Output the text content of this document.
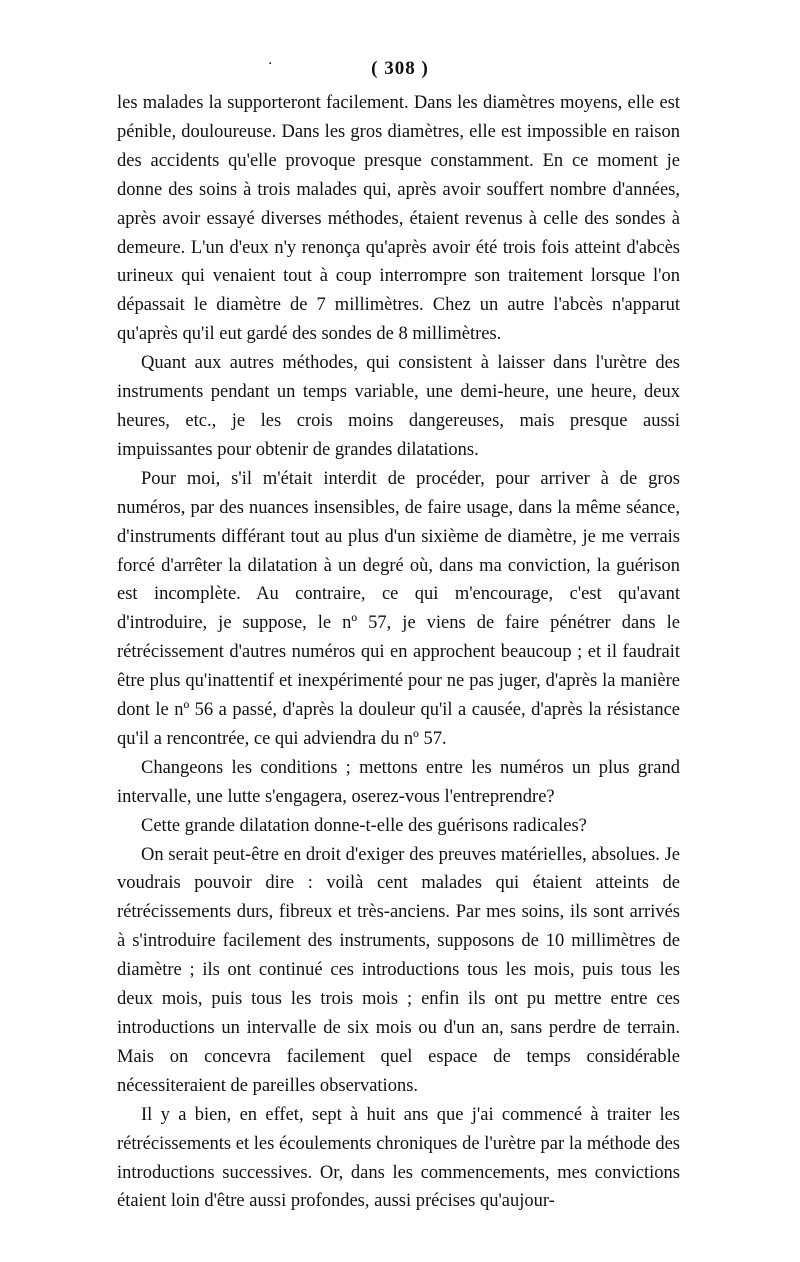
·	( 308 )

les malades la supporteront facilement. Dans les diamètres moyens, elle est pénible, douloureuse. Dans les gros diamètres, elle est impossible en raison des accidents qu'elle provoque presque constamment. En ce moment je donne des soins à trois malades qui, après avoir souffert nombre d'années, après avoir essayé diverses méthodes, étaient revenus à celle des sondes à demeure. L'un d'eux n'y renonça qu'après avoir été trois fois atteint d'abcès urineux qui venaient tout à coup interrompre son traitement lorsque l'on dépassait le diamètre de 7 millimètres. Chez un autre l'abcès n'apparut qu'après qu'il eut gardé des sondes de 8 millimètres.

Quant aux autres méthodes, qui consistent à laisser dans l'urètre des instruments pendant un temps variable, une demi-heure, une heure, deux heures, etc., je les crois moins dangereuses, mais presque aussi impuissantes pour obtenir de grandes dilatations.

Pour moi, s'il m'était interdit de procéder, pour arriver à de gros numéros, par des nuances insensibles, de faire usage, dans la même séance, d'instruments différant tout au plus d'un sixième de diamètre, je me verrais forcé d'arrêter la dilatation à un degré où, dans ma conviction, la guérison est incomplète. Au contraire, ce qui m'encourage, c'est qu'avant d'introduire, je suppose, le nº 57, je viens de faire pénétrer dans le rétrécissement d'autres numéros qui en approchent beaucoup ; et il faudrait être plus qu'inattentif et inexpérimenté pour ne pas juger, d'après la manière dont le nº 56 a passé, d'après la douleur qu'il a causée, d'après la résistance qu'il a rencontrée, ce qui adviendra du nº 57.

Changeons les conditions ; mettons entre les numéros un plus grand intervalle, une lutte s'engagera, oserez-vous l'entreprendre?

Cette grande dilatation donne-t-elle des guérisons radicales?

On serait peut-être en droit d'exiger des preuves matérielles, absolues. Je voudrais pouvoir dire : voilà cent malades qui étaient atteints de rétrécissements durs, fibreux et très-anciens. Par mes soins, ils sont arrivés à s'introduire facilement des instruments, supposons de 10 millimètres de diamètre ; ils ont continué ces introductions tous les mois, puis tous les deux mois, puis tous les trois mois ; enfin ils ont pu mettre entre ces introductions un intervalle de six mois ou d'un an, sans perdre de terrain. Mais on concevra facilement quel espace de temps considérable nécessiteraient de pareilles observations.

Il y a bien, en effet, sept à huit ans que j'ai commencé à traiter les rétrécissements et les écoulements chroniques de l'urètre par la méthode des introductions successives. Or, dans les commencements, mes convictions étaient loin d'être aussi profondes, aussi précises qu'aujour-
